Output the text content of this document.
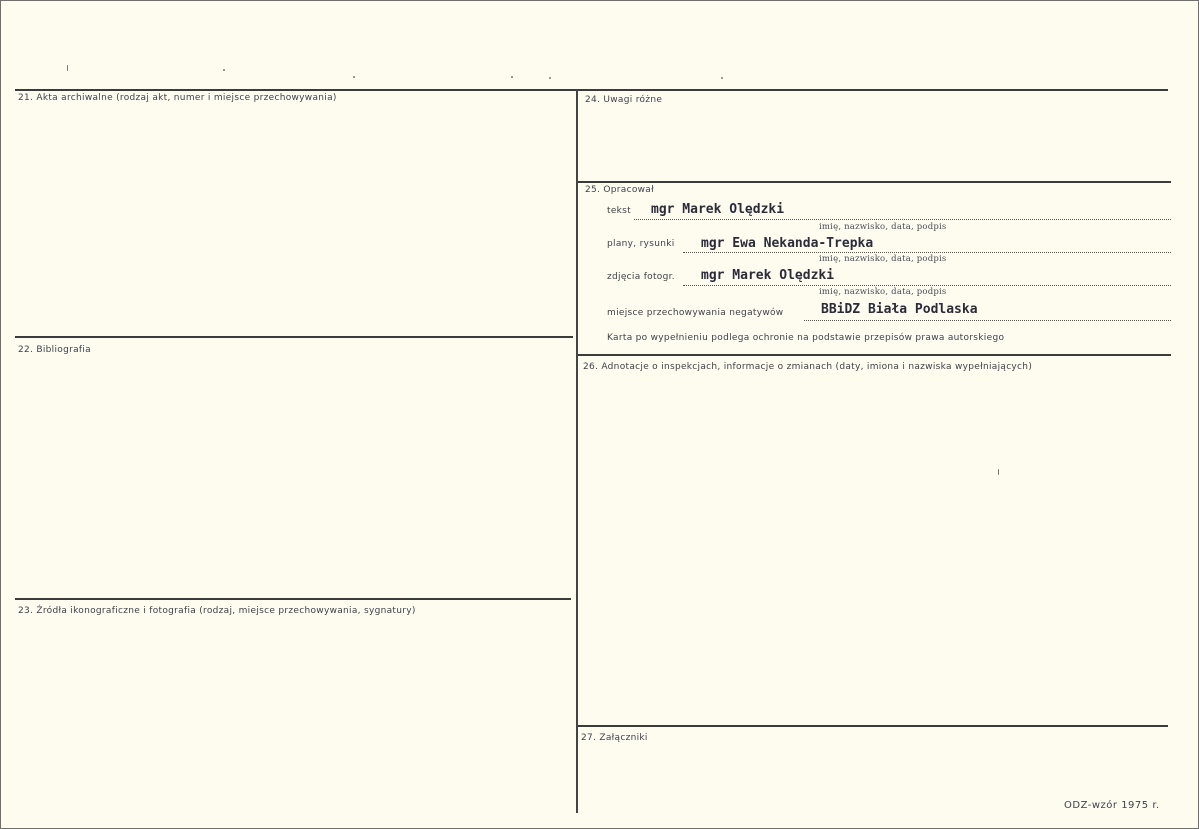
21. Akta archiwalne (rodzaj akt, numer i miejsce przechowywania)
22. Bibliografia
23. Źródła ikonograficzne i fotografia (rodzaj, miejsce przechowywania, sygnatury)
24. Uwagi różne
25. Opracował
26. Adnotacje o inspekcjach, informacje o zmianach (daty, imiona i nazwiska wypełniających)
27. Załączniki
tekst mgr Marek Olędzki
imię, nazwisko, data, podpis
plany, rysunki mgr Ewa Nekanda-Trepka
imię, nazwisko, data, podpis
zdjęcia fotogr. mgr Marek Olędzki
imię, nazwisko, data, podpis
miejsce przechowywania negatywów	BBiDZ Biała Podlaska
Karta po wypełnieniu podlega ochronie na podstawie przepisów prawa autorskiego
ODZ-wzór 1975 r.
